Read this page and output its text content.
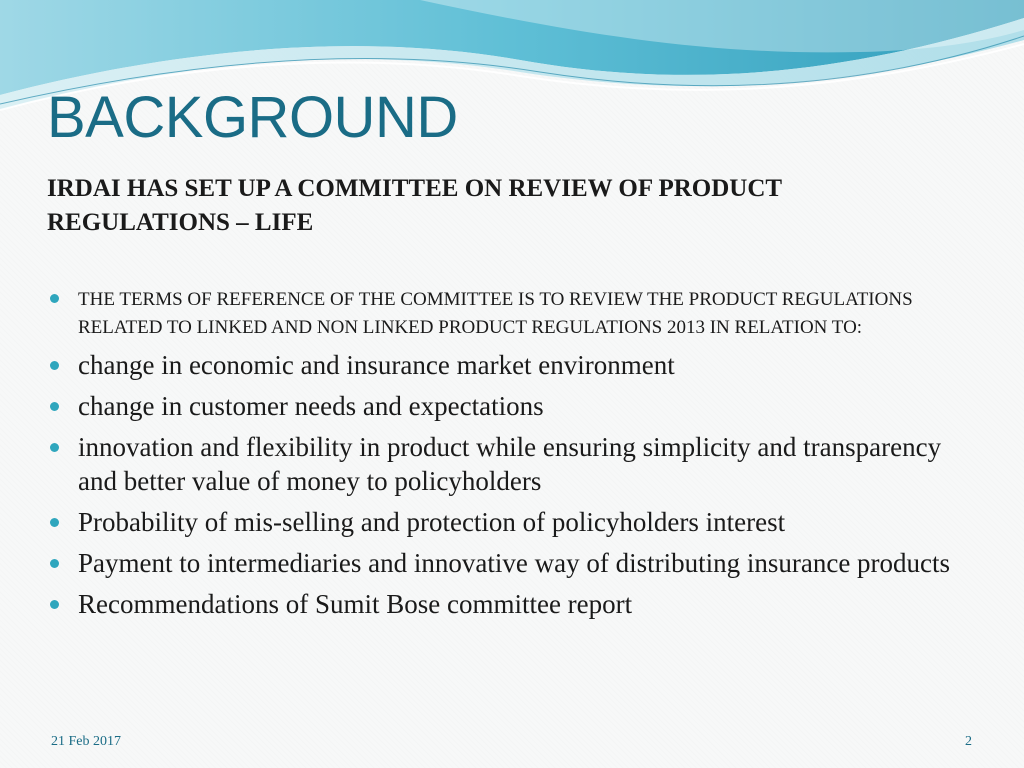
BACKGROUND
IRDAI HAS SET UP A COMMITTEE ON REVIEW OF PRODUCT REGULATIONS – LIFE
THE TERMS OF REFERENCE OF THE COMMITTEE IS TO REVIEW THE PRODUCT REGULATIONS RELATED TO LINKED AND NON LINKED PRODUCT REGULATIONS 2013 IN RELATION TO:
change in economic and insurance market environment
change in customer needs and expectations
innovation and flexibility in product while ensuring simplicity and transparency and better value of money to policyholders
Probability of mis-selling and protection of policyholders interest
Payment to intermediaries and innovative way of distributing insurance products
Recommendations of Sumit Bose committee report
21 Feb 2017	2
